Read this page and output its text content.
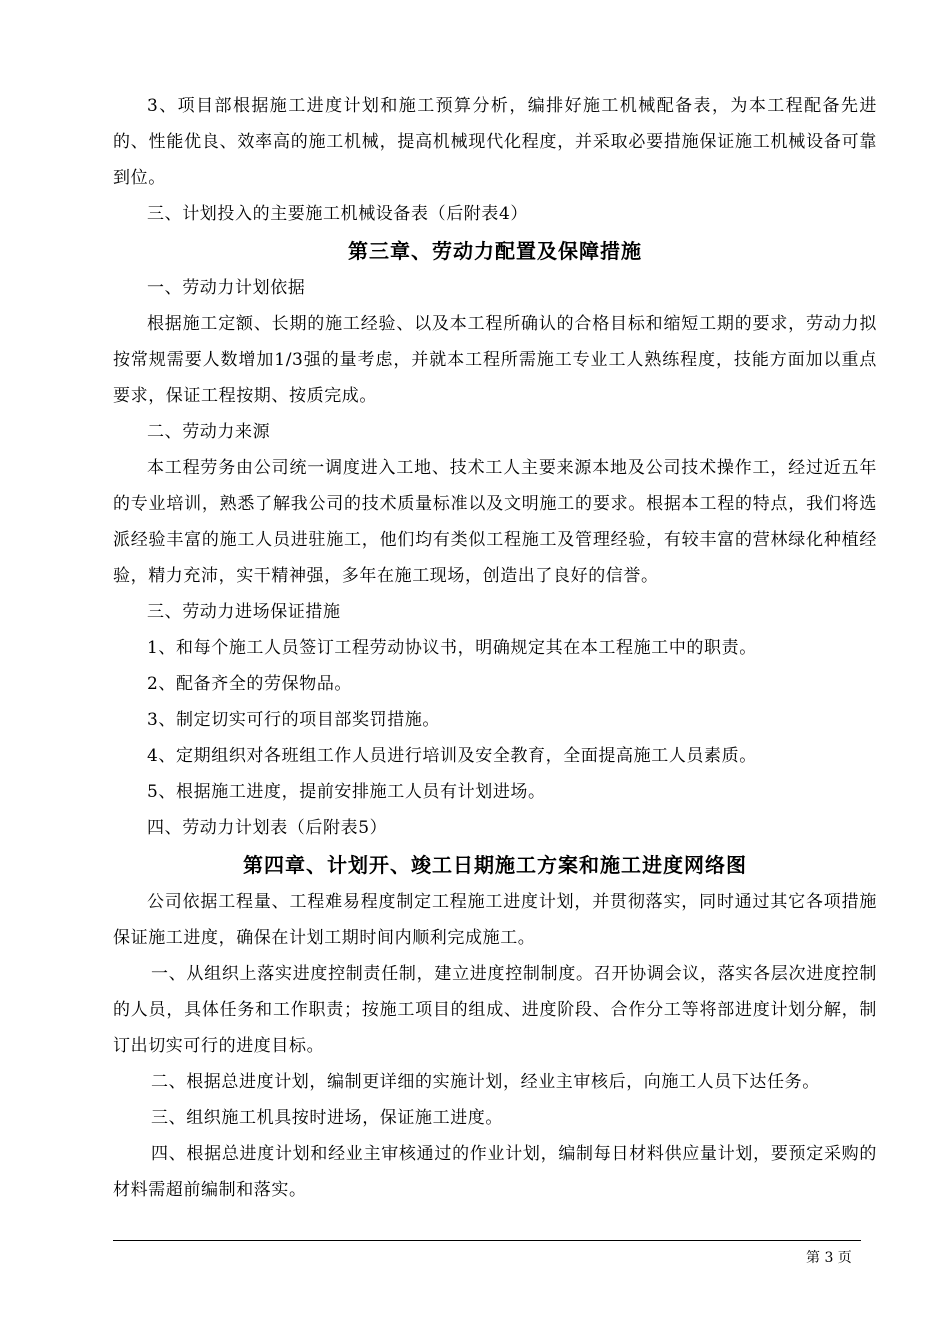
3、项目部根据施工进度计划和施工预算分析，编排好施工机械配备表，为本工程配备先进的、性能优良、效率高的施工机械，提高机械现代化程度，并采取必要措施保证施工机械设备可靠到位。

三、计划投入的主要施工机械设备表（后附表4）

第三章、劳动力配置及保障措施

一、劳动力计划依据

根据施工定额、长期的施工经验、以及本工程所确认的合格目标和缩短工期的要求，劳动力拟按常规需要人数增加1/3强的量考虑，并就本工程所需施工专业工人熟练程度，技能方面加以重点要求，保证工程按期、按质完成。

二、劳动力来源

本工程劳务由公司统一调度进入工地、技术工人主要来源本地及公司技术操作工，经过近五年的专业培训，熟悉了解我公司的技术质量标准以及文明施工的要求。根据本工程的特点，我们将选派经验丰富的施工人员进驻施工，他们均有类似工程施工及管理经验，有较丰富的营林绿化种植经验，精力充沛，实干精神强，多年在施工现场，创造出了良好的信誉。

三、劳动力进场保证措施

1、和每个施工人员签订工程劳动协议书，明确规定其在本工程施工中的职责。

2、配备齐全的劳保物品。

3、制定切实可行的项目部奖罚措施。

4、定期组织对各班组工作人员进行培训及安全教育，全面提高施工人员素质。

5、根据施工进度，提前安排施工人员有计划进场。

四、劳动力计划表（后附表5）

第四章、计划开、竣工日期施工方案和施工进度网络图

公司依据工程量、工程难易程度制定工程施工进度计划，并贯彻落实，同时通过其它各项措施保证施工进度，确保在计划工期时间内顺利完成施工。

一、从组织上落实进度控制责任制，建立进度控制制度。召开协调会议，落实各层次进度控制的人员，具体任务和工作职责；按施工项目的组成、进度阶段、合作分工等将部进度计划分解，制订出切实可行的进度目标。

二、根据总进度计划，编制更详细的实施计划，经业主审核后，向施工人员下达任务。

三、组织施工机具按时进场，保证施工进度。

四、根据总进度计划和经业主审核通过的作业计划，编制每日材料供应量计划，要预定采购的材料需超前编制和落实。

第 3 页
